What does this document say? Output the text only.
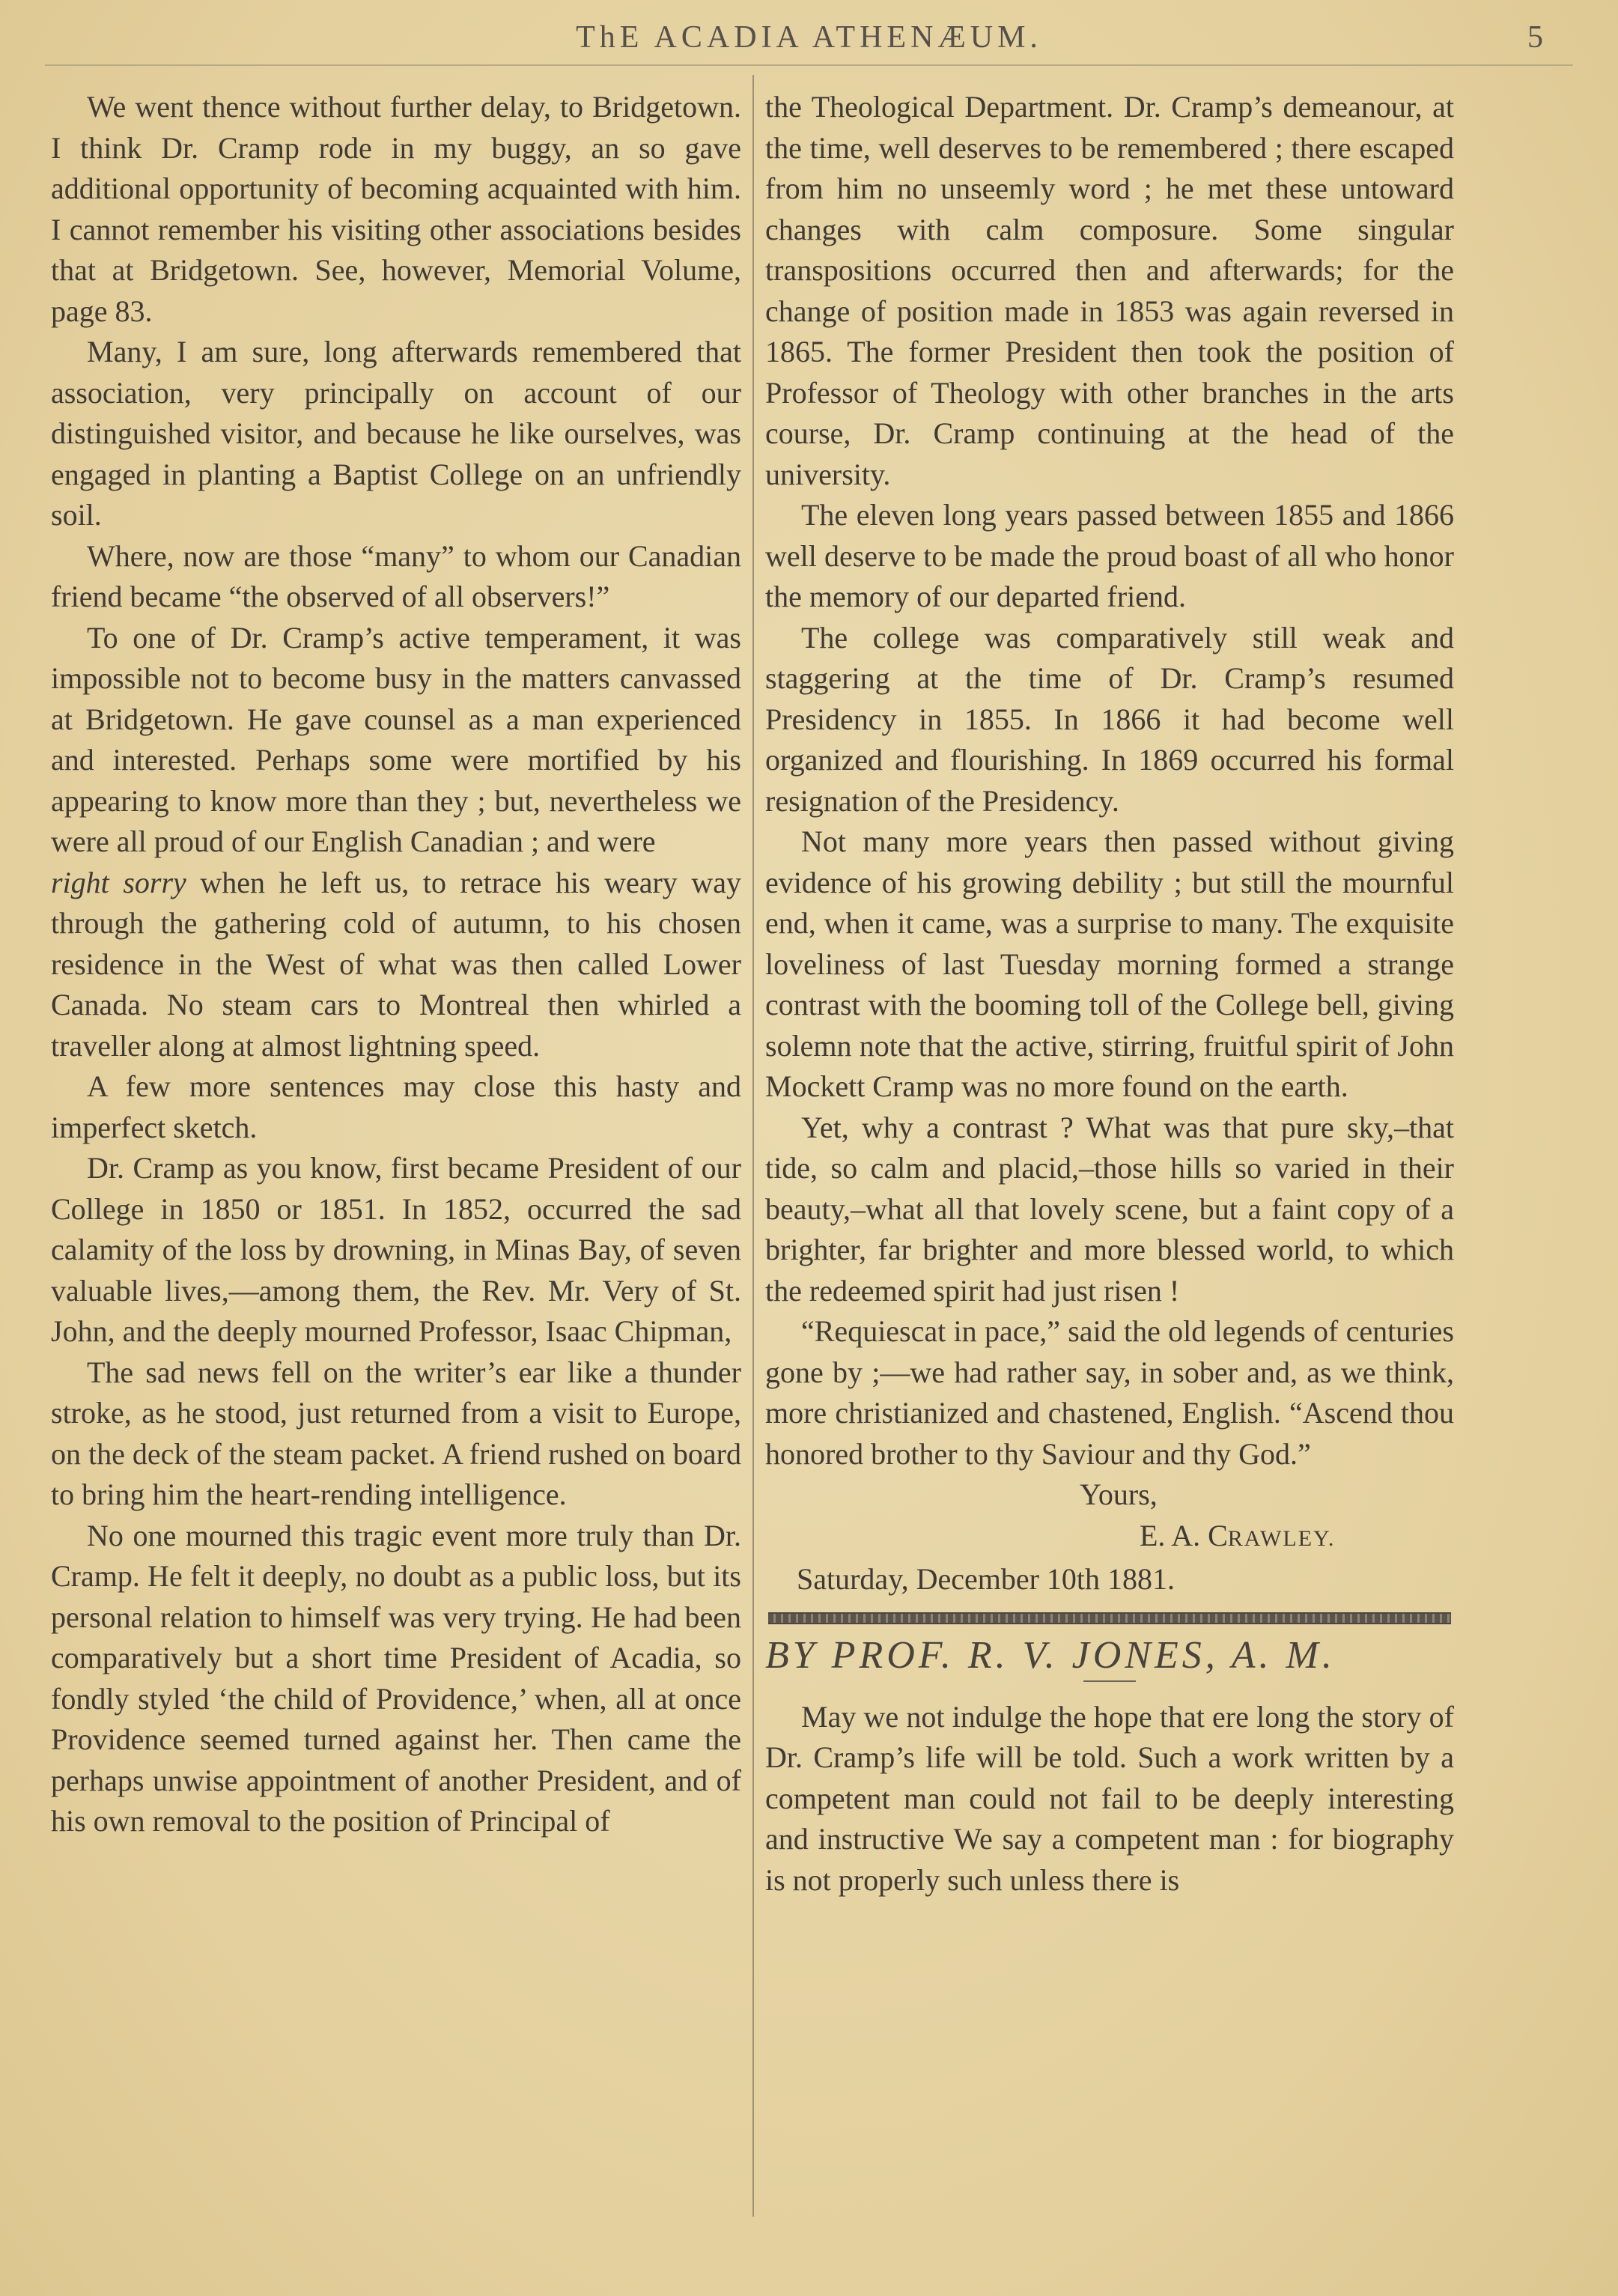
ThE ACADIA ATHENÆUM.	5

We went thence without further delay, to Bridgetown. I think Dr. Cramp rode in my buggy, an so gave additional opportunity of becoming acquainted with him. I cannot remember his visiting other associations besides that at Bridgetown. See, however, Memorial Volume, page 83.

Many, I am sure, long afterwards remembered that association, very principally on account of our distinguished visitor, and because he like ourselves, was engaged in planting a Baptist College on an unfriendly soil.

Where, now are those “many” to whom our Canadian friend became “the observed of all observers!”

To one of Dr. Cramp’s active temperament, it was impossible not to become busy in the matters canvassed at Bridgetown. He gave counsel as a man experienced and interested. Perhaps some were mortified by his appearing to know more than they ; but, nevertheless we were all proud of our English Canadian ; and were

right sorry when he left us, to retrace his weary way through the gathering cold of autumn, to his chosen residence in the West of what was then called Lower Canada. No steam cars to Montreal then whirled a traveller along at almost lightning speed.

A few more sentences may close this hasty and imperfect sketch.

Dr. Cramp as you know, first became President of our College in 1850 or 1851. In 1852, occurred the sad calamity of the loss by drowning, in Minas Bay, of seven valuable lives,—among them, the Rev. Mr. Very of St. John, and the deeply mourned Professor, Isaac Chipman,

The sad news fell on the writer’s ear like a thunder stroke, as he stood, just returned from a visit to Europe, on the deck of the steam packet. A friend rushed on board to bring him the heart-rending intelligence.

No one mourned this tragic event more truly than Dr. Cramp. He felt it deeply, no doubt as a public loss, but its personal relation to himself was very trying. He had been comparatively but a short time President of Acadia, so fondly styled ‘the child of Providence,’ when, all at once Providence seemed turned against her. Then came the perhaps unwise appointment of another President, and of his own removal to the position of Principal of

the Theological Department. Dr. Cramp’s demeanour, at the time, well deserves to be remembered ; there escaped from him no unseemly word ; he met these untoward changes with calm composure. Some singular transpositions occurred then and afterwards; for the change of position made in 1853 was again reversed in 1865. The former President then took the position of Professor of Theology with other branches in the arts course, Dr. Cramp continuing at the head of the university.

The eleven long years passed between 1855 and 1866 well deserve to be made the proud boast of all who honor the memory of our departed friend.

The college was comparatively still weak and staggering at the time of Dr. Cramp’s resumed Presidency in 1855. In 1866 it had become well organized and flourishing. In 1869 occurred his formal resignation of the Presidency.

Not many more years then passed without giving evidence of his growing debility ; but still the mournful end, when it came, was a surprise to many. The exquisite loveliness of last Tuesday morning formed a strange contrast with the booming toll of the College bell, giving solemn note that the active, stirring, fruitful spirit of John Mockett Cramp was no more found on the earth.

Yet, why a contrast ? What was that pure sky,–that tide, so calm and placid,–those hills so varied in their beauty,–what all that lovely scene, but a faint copy of a brighter, far brighter and more blessed world, to which the redeemed spirit had just risen !

“Requiescat in pace,” said the old legends of centuries gone by ;—we had rather say, in sober and, as we think, more christianized and chastened, English. “Ascend thou honored brother to thy Saviour and thy God.”

Yours,

E. A. CRAWLEY.

Saturday, December 10th 1881.

BY PROF. R. V. JONES, A. M.

May we not indulge the hope that ere long the story of Dr. Cramp’s life will be told. Such a work written by a competent man could not fail to be deeply interesting and instructive We say a competent man : for biography is not properly such unless there is
